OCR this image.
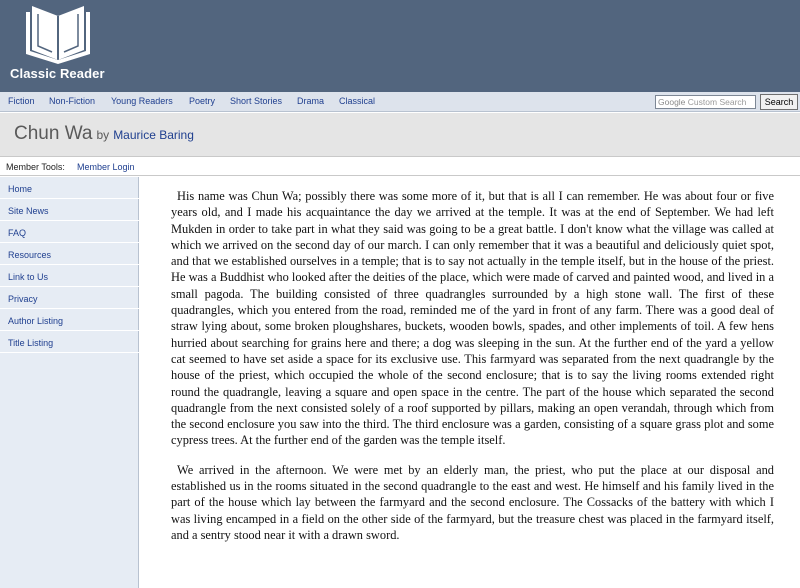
Classic Reader
Fiction Non-Fiction Young Readers Poetry Short Stories Drama Classical	Google Custom Search	Search
Chun Wa by Maurice Baring
Member Tools: Member Login
Home
Site News
FAQ
Resources
Link to Us
Privacy
Author Listing
Title Listing

His name was Chun Wa; possibly there was some more of it, but that is all I can remember. He was about four or five years old, and I made his acquaintance the day we arrived at the temple. It was at the end of September. We had left Mukden in order to take part in what they said was going to be a great battle. I don't know what the village was called at which we arrived on the second day of our march. I can only remember that it was a beautiful and deliciously quiet spot, and that we established ourselves in a temple; that is to say not actually in the temple itself, but in the house of the priest. He was a Buddhist who looked after the deities of the place, which were made of carved and painted wood, and lived in a small pagoda. The building consisted of three quadrangles surrounded by a high stone wall. The first of these quadrangles, which you entered from the road, reminded me of the yard in front of any farm. There was a good deal of straw lying about, some broken ploughshares, buckets, wooden bowls, spades, and other implements of toil. A few hens hurried about searching for grains here and there; a dog was sleeping in the sun. At the further end of the yard a yellow cat seemed to have set aside a space for its exclusive use. This farmyard was separated from the next quadrangle by the house of the priest, which occupied the whole of the second enclosure; that is to say the living rooms extended right round the quadrangle, leaving a square and open space in the centre. The part of the house which separated the second quadrangle from the next consisted solely of a roof supported by pillars, making an open verandah, through which from the second enclosure you saw into the third. The third enclosure was a garden, consisting of a square grass plot and some cypress trees. At the further end of the garden was the temple itself.

We arrived in the afternoon. We were met by an elderly man, the priest, who put the place at our disposal and established us in the rooms situated in the second quadrangle to the east and west. He himself and his family lived in the part of the house which lay between the farmyard and the second enclosure. The Cossacks of the battery with which I was living encamped in a field on the other side of the farmyard, but the treasure chest was placed in the farmyard itself, and a sentry stood near it with a drawn sword.
